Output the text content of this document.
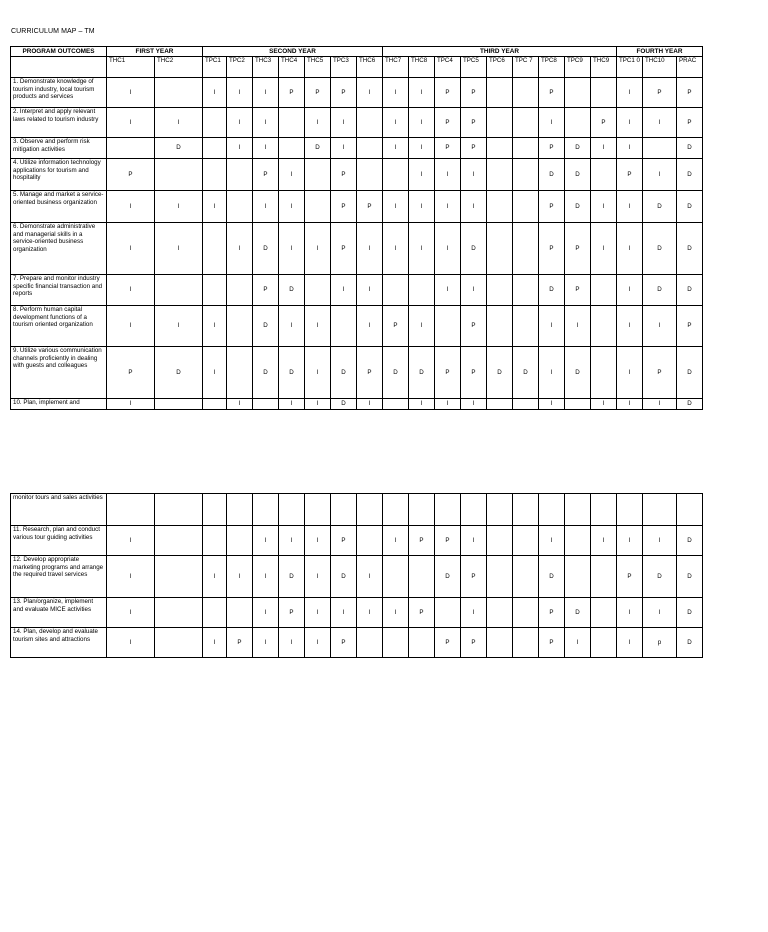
CURRICULUM MAP – TM
PROGRAM OUTCOMES	FIRST YEAR		SECOND YEAR							THIRD YEAR									FOURTH YEAR		
	THC1	THC2	TPC1	TPC2	THC3	THC4	THC5	TPC3	THC6	THC7	THC8	TPC4	TPC5	TPC6	TPC 7	TPC8	TPC9	THC9	TPC1 0	THC10	PRAC
1. Demonstrate knowledge of tourism industry, local tourism products and services	I		I	I	I	P	P	P	I	I	I	P	P			P			I	P	P
2. Interpret and apply relevant laws related to tourism industry	I	I		I	I		I	I		I	I	P	P			I		P	I	I	P
3. Observe and perform risk mitigation activities		D		I	I		D	I		I	I	P	P			P	D	I	I		D
4. Utilize information technology applications for tourism and hospitality	P				P	I		P			I	I	I			D	D		P	I	D
5. Manage and market a service-oriented business organization	I	I	I		I	I		P	P	I	I	I	I			P	D	I	I	D	D
6. Demonstrate administrative and managerial skills in a service-oriented business organization	I	I		I	D	I	I	P	I	I	I	I	D			P	P	I	I	D	D
7. Prepare and monitor industry specific financial transaction and reports	I				P	D		I	I			I	I			D	P		I	D	D
8. Perform human capital development functions of a tourism oriented organization	I	I	I		D	I	I		I	P	I		P			I	I		I	I	P
9. Utilize various communication channels proficiently in dealing with guests and colleagues	P	D	I		D	D	I	D	P	D	D	P	P	D	D	I	D		I	P	D
10. Plan, implement and	I			I		I	I	D	I		I	I	I			I		I	I	I	D
monitor tours and sales activities																					
11. Research, plan and conduct various tour guiding activities	I				I	I	I	P		I	P	P	I			I		I	I	I	D
12. Develop appropriate marketing programs and arrange the required travel services	I		I	I	I	D	I	D	I			D	P			D			P	D	D
13. Plan/organize, implement and evaluate MICE activities	I				I	P	I	I	I	I	P		I			P	D		I	I	D
14. Plan, develop and evaluate tourism sites and attractions	I		I	P	I	I	I	P				P	P			P	I		I	p	D
